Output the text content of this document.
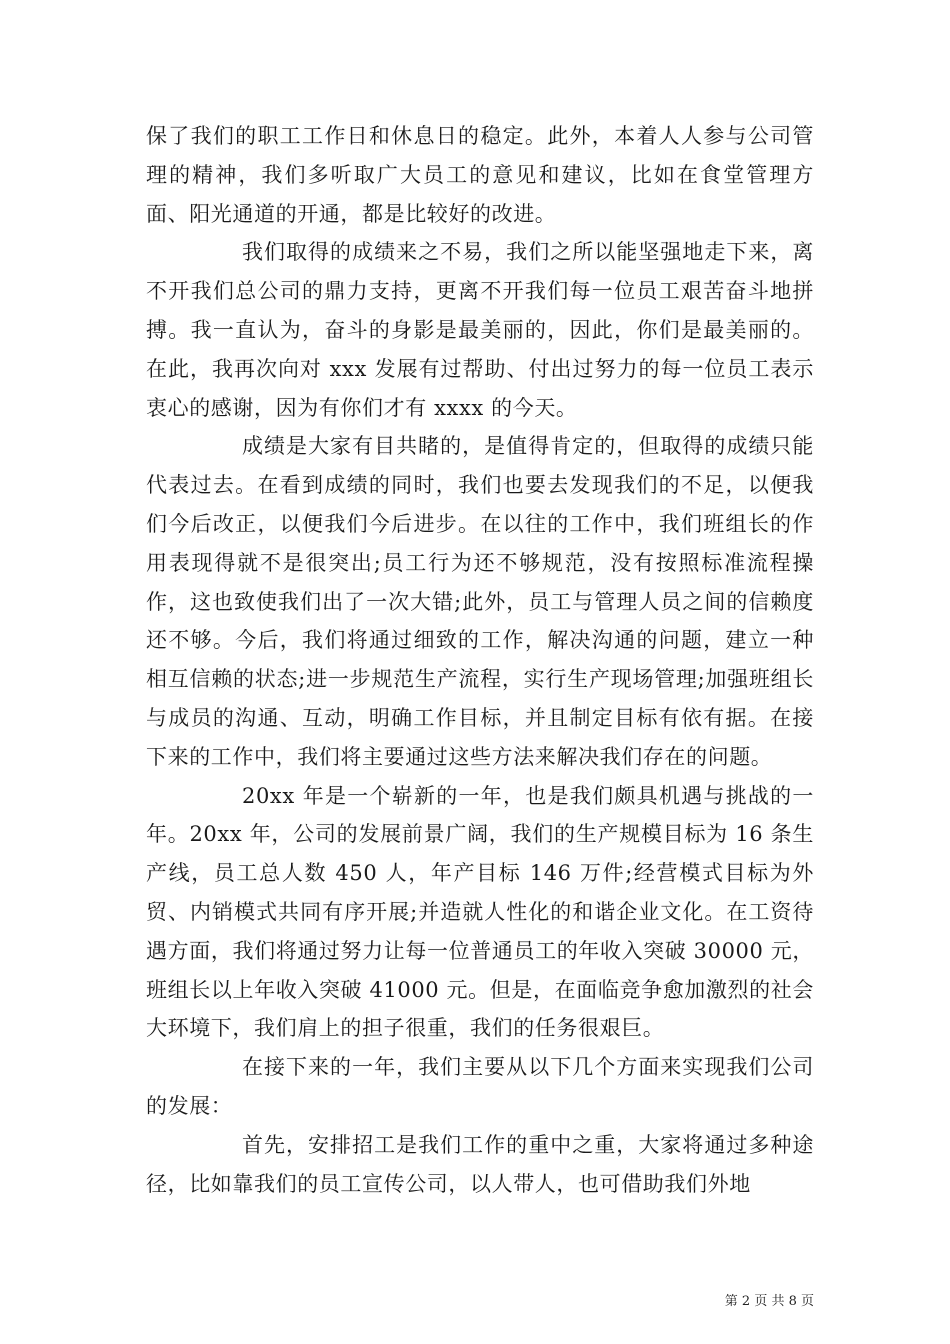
保了我们的职工工作日和休息日的稳定。此外，本着人人参与公司管理的精神，我们多听取广大员工的意见和建议，比如在食堂管理方面、阳光通道的开通，都是比较好的改进。

我们取得的成绩来之不易，我们之所以能坚强地走下来，离不开我们总公司的鼎力支持，更离不开我们每一位员工艰苦奋斗地拼搏。我一直认为，奋斗的身影是最美丽的，因此，你们是最美丽的。在此，我再次向对 xxx 发展有过帮助、付出过努力的每一位员工表示衷心的感谢，因为有你们才有 xxxx 的今天。

成绩是大家有目共睹的，是值得肯定的，但取得的成绩只能代表过去。在看到成绩的同时，我们也要去发现我们的不足，以便我们今后改正，以便我们今后进步。在以往的工作中，我们班组长的作用表现得就不是很突出;员工行为还不够规范，没有按照标准流程操作，这也致使我们出了一次大错;此外，员工与管理人员之间的信赖度还不够。今后，我们将通过细致的工作，解决沟通的问题，建立一种相互信赖的状态;进一步规范生产流程，实行生产现场管理;加强班组长与成员的沟通、互动，明确工作目标，并且制定目标有依有据。在接下来的工作中，我们将主要通过这些方法来解决我们存在的问题。

20xx 年是一个崭新的一年，也是我们颇具机遇与挑战的一年。20xx 年，公司的发展前景广阔，我们的生产规模目标为 16 条生产线，员工总人数 450 人，年产目标 146 万件;经营模式目标为外贸、内销模式共同有序开展;并造就人性化的和谐企业文化。在工资待遇方面，我们将通过努力让每一位普通员工的年收入突破 30000 元，班组长以上年收入突破 41000 元。但是，在面临竞争愈加激烈的社会大环境下，我们肩上的担子很重，我们的任务很艰巨。

在接下来的一年，我们主要从以下几个方面来实现我们公司的发展：

首先，安排招工是我们工作的重中之重，大家将通过多种途径，比如靠我们的员工宣传公司，以人带人，也可借助我们外地

第 2 页 共 8 页
